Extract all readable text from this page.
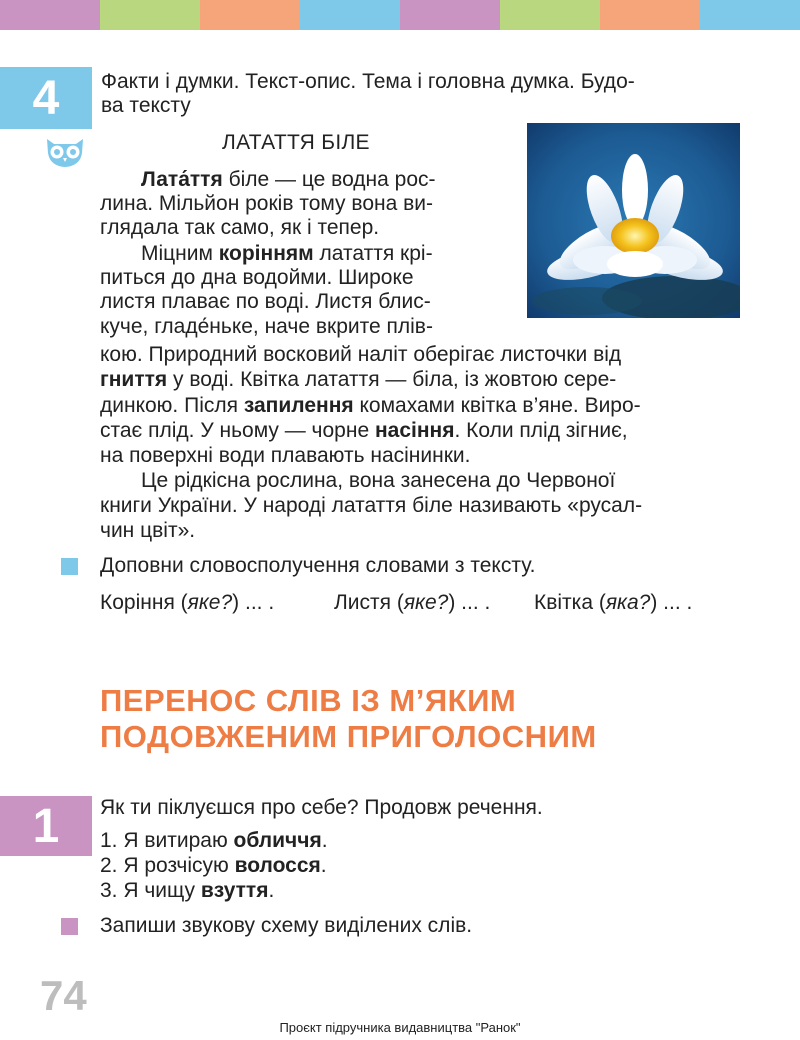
4 Факти і думки. Текст-опис. Тема і головна думка. Будо-
ва тексту
ЛАТАТТЯ БІЛЕ
Лата́ття біле — це водна рос-
лина. Мільйон років тому вона ви-
глядала так само, як і тепер.
Міцним корінням латаття крі-
питься до дна водойми. Широке
листя плаває по воді. Листя блис-
куче, гладе́ньке, наче вкрите плів-
кою. Природний восковий наліт оберігає листочки від
гниття у воді. Квітка латаття — біла, із жовтою сере-
динкою. Після запилення комахами квітка в’яне. Виро-
стає плід. У ньому — чорне насіння. Коли плід зігниє,
на поверхні води плавають насінинки.
Це рідкісна рослина, вона занесена до Червоної
книги України. У народі латаття біле називають «русал-
чин цвіт».
Доповни словосполучення словами з тексту.
Коріння (яке?) ... .	Листя (яке?) ... . Квітка (яка?) ... .
ПЕРЕНОС СЛІВ ІЗ М’ЯКИМ
ПОДОВЖЕНИМ ПРИГОЛОСНИМ
1 Як ти піклуєшся про себе? Продовж речення.
1. Я витираю обличчя.
2. Я розчісую волосся.
3. Я чищу взуття.
Запиши звукову схему виділених слів.
74
Проєкт підручника видавництва "Ранок"
